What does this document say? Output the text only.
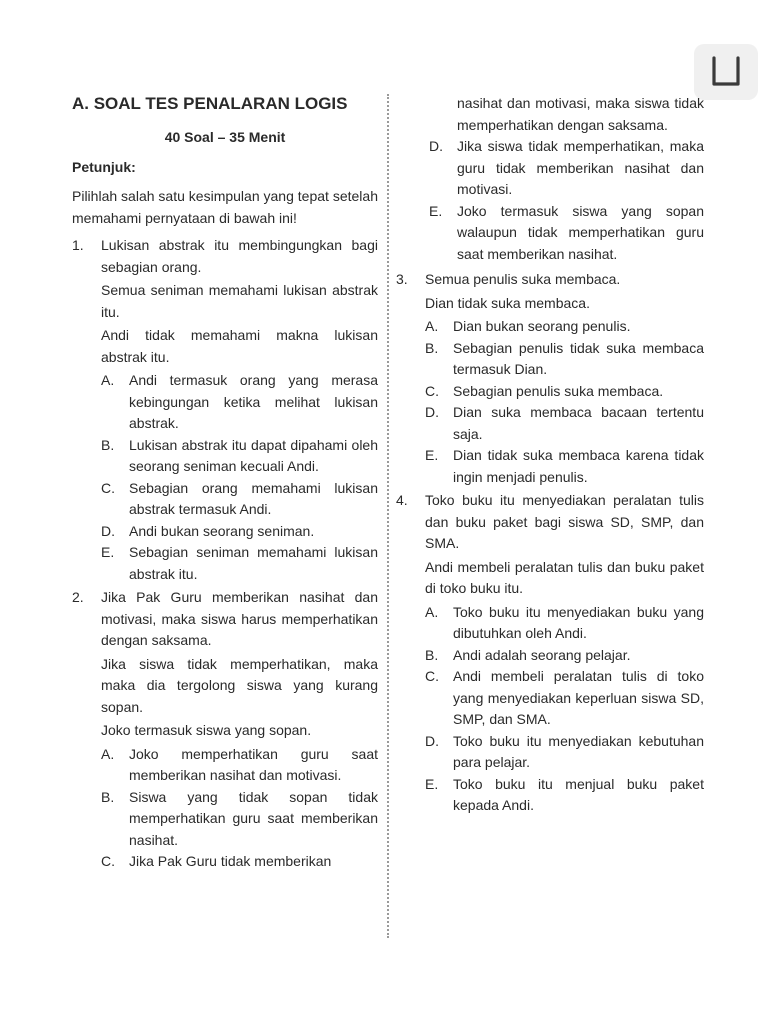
A. SOAL TES PENALARAN LOGIS
40 Soal – 35 Menit
Petunjuk:

Pilihlah salah satu kesimpulan yang tepat setelah memahami pernyataan di bawah ini!

1.	Lukisan abstrak itu membingungkan bagi sebagian orang.

Semua seniman memahami lukisan abstrak itu.

Andi tidak memahami makna lukisan abstrak itu.

A.	Andi termasuk orang yang merasa kebingungan ketika melihat lukisan abstrak.
B.	Lukisan abstrak itu dapat dipahami oleh seorang seniman kecuali Andi.
C.	Sebagian orang memahami lukisan abstrak termasuk Andi.
D.	Andi bukan seorang seniman.
E.	Sebagian seniman memahami lukisan abstrak itu.
2.	Jika Pak Guru memberikan nasihat dan motivasi, maka siswa harus memperhatikan dengan saksama.

Jika siswa tidak memperhatikan, maka maka dia tergolong siswa yang kurang sopan.

Joko termasuk siswa yang sopan.

A.	Joko memperhatikan guru saat memberikan nasihat dan motivasi.
B.	Siswa yang tidak sopan tidak memperhatikan guru saat memberikan nasihat.
C.	Jika Pak Guru tidak memberikan

nasihat dan motivasi, maka siswa tidak memperhatikan dengan saksama.

D.	Jika siswa tidak memperhatikan, maka guru tidak memberikan nasihat dan motivasi.
E.	Joko termasuk siswa yang sopan walaupun tidak memperhatikan guru saat memberikan nasihat.
3.	Semua penulis suka membaca.

Dian tidak suka membaca.

A.	Dian bukan seorang penulis.
B.	Sebagian penulis tidak suka membaca termasuk Dian.
C.	Sebagian penulis suka membaca.
D.	Dian suka membaca bacaan tertentu saja.
E.	Dian tidak suka membaca karena tidak ingin menjadi penulis.
4.	Toko buku itu menyediakan peralatan tulis dan buku paket bagi siswa SD, SMP, dan SMA.

Andi membeli peralatan tulis dan buku paket di toko buku itu.

A.	Toko buku itu menyediakan buku yang dibutuhkan oleh Andi.
B.	Andi adalah seorang pelajar.
C.	Andi membeli peralatan tulis di toko yang menyediakan keperluan siswa SD, SMP, dan SMA.
D.	Toko buku itu menyediakan kebutuhan para pelajar.
E.	Toko buku itu menjual buku paket kepada Andi.
